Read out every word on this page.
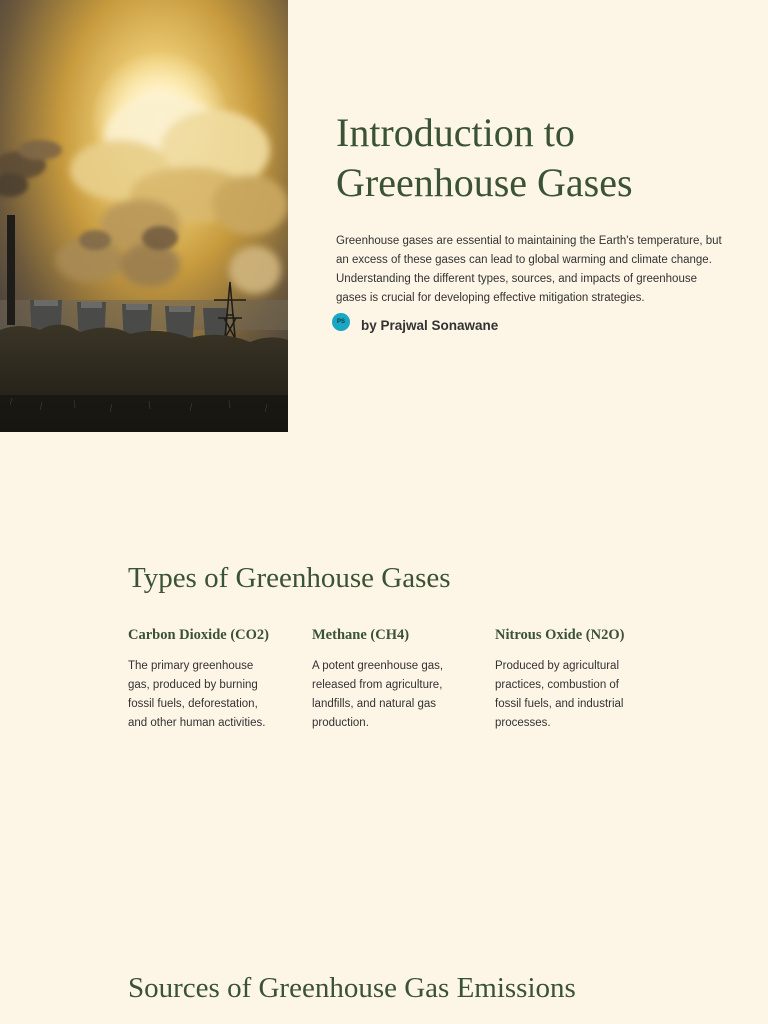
Introduction to
Greenhouse Gases

Greenhouse gases are essential to maintaining the Earth's temperature, but an excess of these gases can lead to global warming and climate change. Understanding the different types, sources, and impacts of greenhouse gases is crucial for developing effective mitigation strategies.

PS	by Prajwal Sonawane
Types of Greenhouse Gases
Carbon Dioxide (CO2)

The primary greenhouse gas, produced by burning fossil fuels, deforestation, and other human activities.

Methane (CH4)

A potent greenhouse gas, released from agriculture, landfills, and natural gas production.

Nitrous Oxide (N2O)

Produced by agricultural practices, combustion of fossil fuels, and industrial processes.

Sources of Greenhouse Gas Emissions
